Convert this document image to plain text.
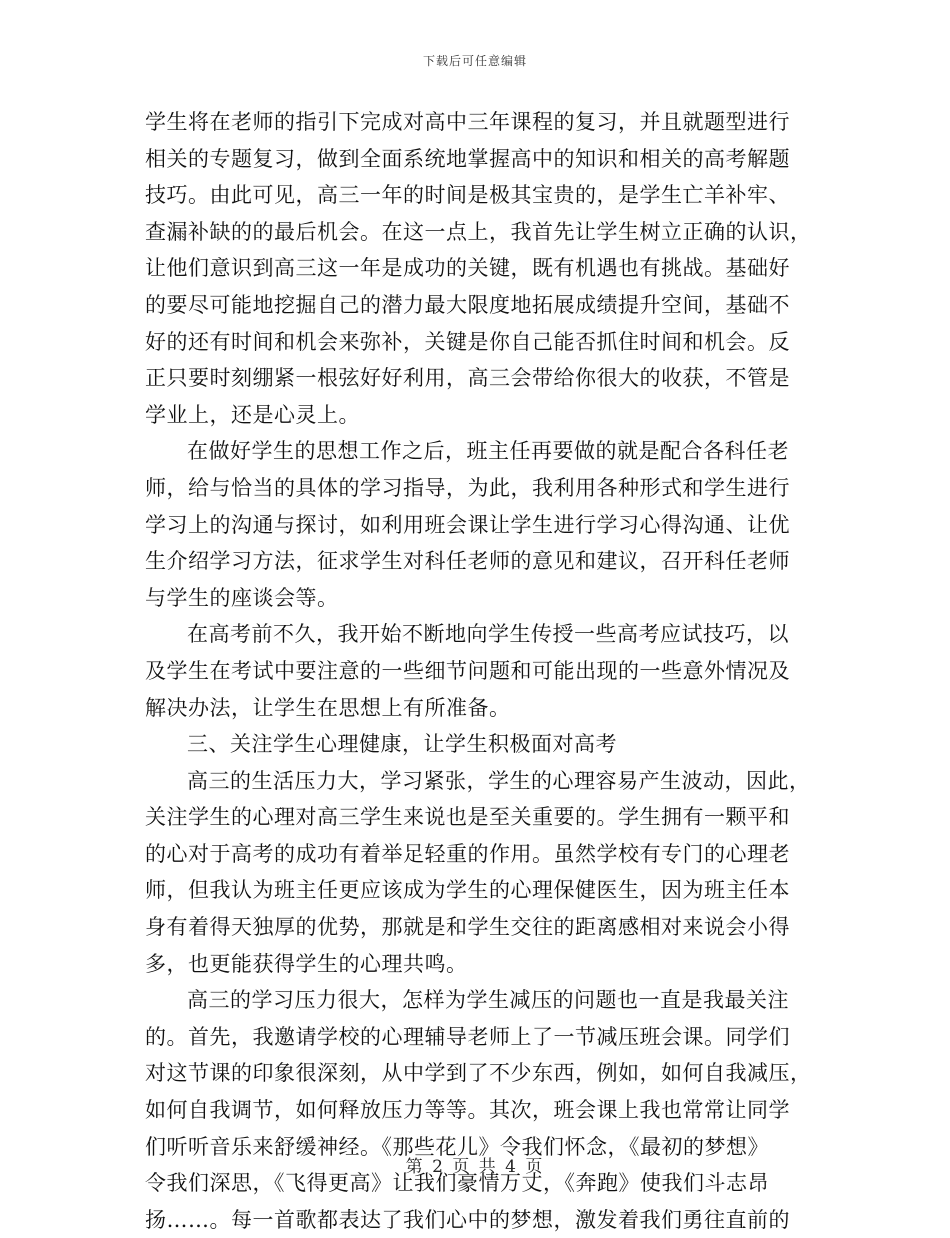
下载后可任意编辑
学生将在老师的指引下完成对高中三年课程的复习，并且就题型进行
相关的专题复习，做到全面系统地掌握高中的知识和相关的高考解题
技巧。由此可见，高三一年的时间是极其宝贵的，是学生亡羊补牢、
查漏补缺的的最后机会。在这一点上，我首先让学生树立正确的认识，
让他们意识到高三这一年是成功的关键，既有机遇也有挑战。基础好
的要尽可能地挖掘自己的潜力最大限度地拓展成绩提升空间，基础不
好的还有时间和机会来弥补，关键是你自己能否抓住时间和机会。反
正只要时刻绷紧一根弦好好利用，高三会带给你很大的收获，不管是
学业上，还是心灵上。
在做好学生的思想工作之后，班主任再要做的就是配合各科任老
师，给与恰当的具体的学习指导，为此，我利用各种形式和学生进行
学习上的沟通与探讨，如利用班会课让学生进行学习心得沟通、让优
生介绍学习方法，征求学生对科任老师的意见和建议，召开科任老师
与学生的座谈会等。
在高考前不久，我开始不断地向学生传授一些高考应试技巧，以
及学生在考试中要注意的一些细节问题和可能出现的一些意外情况及
解决办法，让学生在思想上有所准备。
三、关注学生心理健康，让学生积极面对高考
高三的生活压力大，学习紧张，学生的心理容易产生波动，因此，
关注学生的心理对高三学生来说也是至关重要的。学生拥有一颗平和
的心对于高考的成功有着举足轻重的作用。虽然学校有专门的心理老
师，但我认为班主任更应该成为学生的心理保健医生，因为班主任本
身有着得天独厚的优势，那就是和学生交往的距离感相对来说会小得
多，也更能获得学生的心理共鸣。
高三的学习压力很大，怎样为学生减压的问题也一直是我最关注
的。首先，我邀请学校的心理辅导老师上了一节减压班会课。同学们
对这节课的印象很深刻，从中学到了不少东西，例如，如何自我减压，
如何自我调节，如何释放压力等等。其次，班会课上我也常常让同学
们听听音乐来舒缓神经。《那些花儿》令我们怀念，《最初的梦想》
令我们深思，《飞得更高》让我们豪情万丈，《奔跑》使我们斗志昂
扬……。每一首歌都表达了我们心中的梦想，激发着我们勇往直前的
第 2 页 共 4 页
